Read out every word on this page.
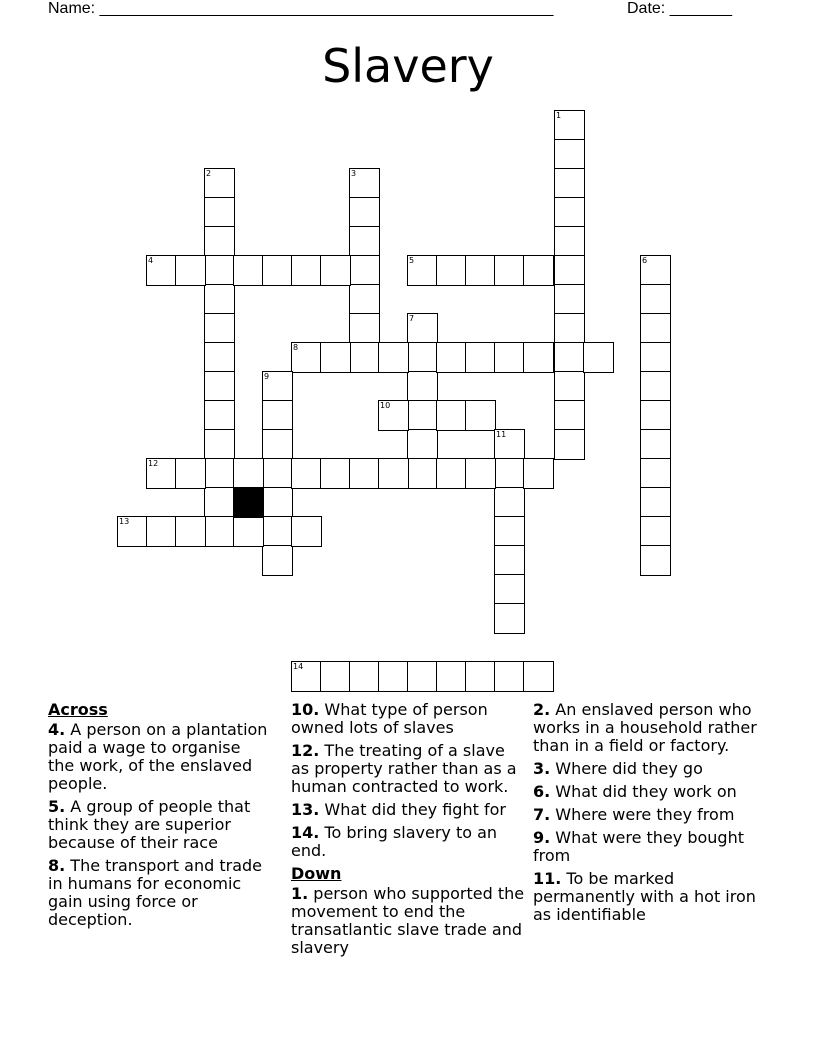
Name: ___________________________________________________	Date: _______
Slavery
1
2	3
4	5	6
7
8
9
10
11
12
13
14
Across
4. A person on a plantation paid a wage to organise the work, of the enslaved people.
5. A group of people that think they are superior because of their race
8. The transport and trade in humans for economic gain using force or deception.
10. What type of person owned lots of slaves
12. The treating of a slave as property rather than as a human contracted to work.
13. What did they fight for
14. To bring slavery to an end.
Down
1. person who supported the movement to end the transatlantic slave trade and slavery
2. An enslaved person who works in a household rather than in a field or factory.
3. Where did they go
6. What did they work on
7. Where were they from
9. What were they bought from
11. To be marked permanently with a hot iron as identifiable
